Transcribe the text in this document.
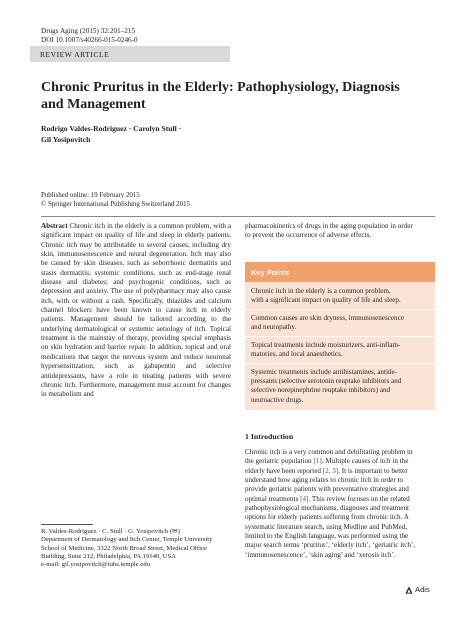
Drugs Aging (2015) 32:201–215
DOI 10.1007/s40266-015-0246-0
REVIEW ARTICLE
Chronic Pruritus in the Elderly: Pathophysiology, Diagnosis
and Management
Rodrigo Valdes-Rodriguez · Carolyn Stull ·
Gil Yosipovitch
Published online: 19 February 2015
© Springer International Publishing Switzerland 2015
Abstract Chronic itch in the elderly is a common problem, with a significant impact on quality of life and sleep in elderly patients. Chronic itch may be attributable to several causes, including dry skin, immunosenescence and neural degeneration. Itch may also be caused by skin diseases, such as seborrhoeic dermatitis and stasis dermatitis; systemic conditions, such as end-stage renal disease and diabetes; and psychogenic conditions, such as depression and anxiety. The use of polypharmacy may also cause itch, with or without a rash. Specifically, thiazides and calcium channel blockers have been known to cause itch in elderly patients. Management should be tailored according to the underlying dermatological or systemic aetiology of itch. Topical treatment is the mainstay of therapy, providing special emphasis on skin hydration and barrier repair. In addition, topical and oral medications that target the nervous system and reduce neuronal hypersensitization, such as gabapentin and selective antidepressants, have a role in treating patients with severe chronic itch. Furthermore, management must account for changes in metabolism and
pharmacokinetics of drugs in the aging population in order
to prevent the occurrence of adverse effects.
Key Points
Chronic itch in the elderly is a common problem,
with a significant impact on quality of life and sleep.
Common causes are skin dryness, immunosenescence
and neuropathy.
Topical treatments include moisturizers, anti-inflam-
matories, and local anaesthetics.
Systemic treatments include antihistamines, antide-
pressants (selective serotonin reuptake inhibitors and
selective norepinephrine reuptake inhibitors) and
neuroactive drugs.
1 Introduction
Chronic itch is a very common and debilitating problem in
the geriatric population [1]. Multiple causes of itch in the
elderly have been reported [2, 3]. It is important to better
understand how aging relates to chronic itch in order to
provide geriatric patients with preventative strategies and
optimal treatments [4]. This review focuses on the related
pathophysiological mechanisms, diagnoses and treatment
options for elderly patients suffering from chronic itch. A
systematic literature search, using Medline and PubMed,
limited to the English language, was performed using the
major search terms ‘pruritus’, ‘elderly itch’, ‘geriatric itch’,
‘immunosenescence’, ‘skin aging’ and ‘xerosis itch’.
R. Valdes-Rodriguez · C. Stull · G. Yosipovitch (✉)
Department of Dermatology and Itch Center, Temple University
School of Medicine, 3322 North Broad Street, Medical Office
Building, Suite 212, Philadelphia, PA 19140, USA
e-mail: gil.yosipovitch@tuhs.temple.edu
Adis
